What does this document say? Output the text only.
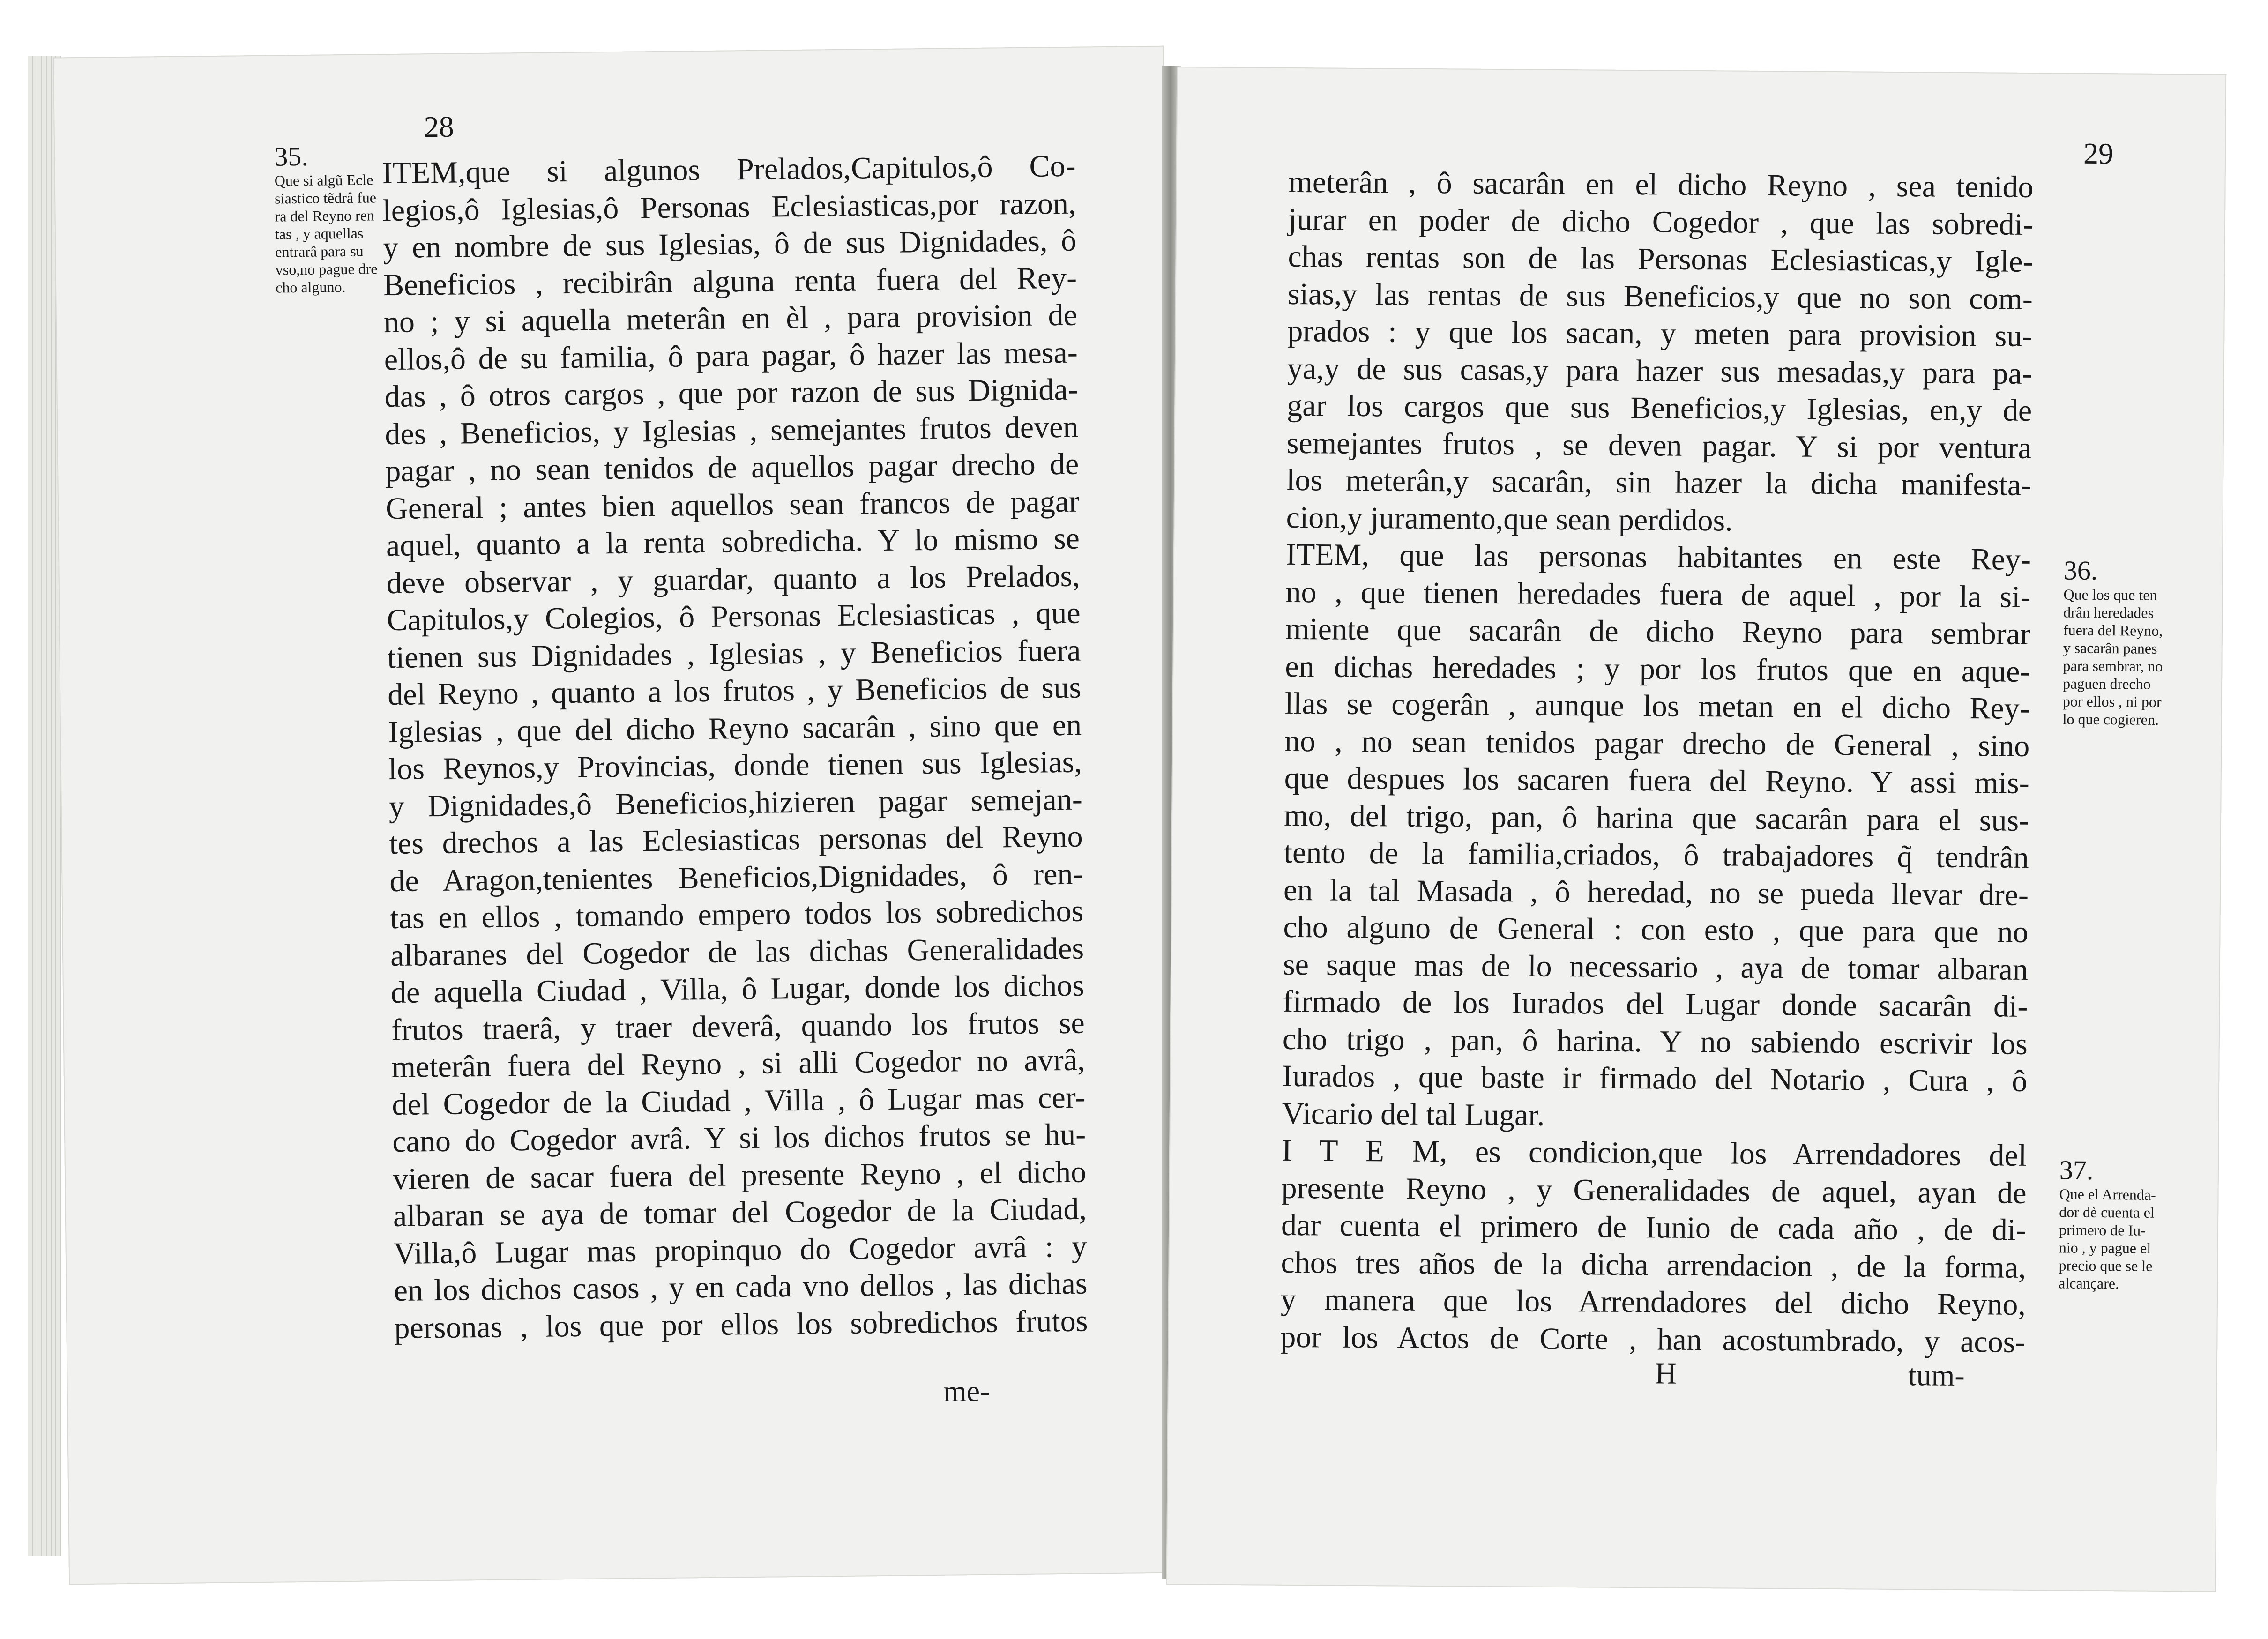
28
35.
Que si algũ Ecle
siastico tẽdrâ fue
ra del Reyno ren
tas , y aquellas
entrarâ para su
vso,no pague dre
cho alguno.
ITEM,que si algunos Prelados,Capitulos,ô Co-
legios,ô Iglesias,ô Personas Eclesiasticas,por razon,
y en nombre de sus Iglesias, ô de sus Dignidades, ô
Beneficios , recibirân alguna renta fuera del Rey-
no ; y si aquella meterân en èl , para provision de
ellos,ô de su familia, ô para pagar, ô hazer las mesa-
das , ô otros cargos , que por razon de sus Dignida-
des , Beneficios, y Iglesias , semejantes frutos deven
pagar , no sean tenidos de aquellos pagar drecho de
General ; antes bien aquellos sean francos de pagar
aquel, quanto a la renta sobredicha. Y lo mismo se
deve observar , y guardar, quanto a los Prelados,
Capitulos,y Colegios, ô Personas Eclesiasticas , que
tienen sus Dignidades , Iglesias , y Beneficios fuera
del Reyno , quanto a los frutos , y Beneficios de sus
Iglesias , que del dicho Reyno sacarân , sino que en
los Reynos,y Provincias, donde tienen sus Iglesias,
y Dignidades,ô Beneficios,hizieren pagar semejan-
tes drechos a las Eclesiasticas personas del Reyno
de Aragon,tenientes Beneficios,Dignidades, ô ren-
tas en ellos , tomando empero todos los sobredichos
albaranes del Cogedor de las dichas Generalidades
de aquella Ciudad , Villa, ô Lugar, donde los dichos
frutos traerâ, y traer deverâ, quando los frutos se
meterân fuera del Reyno , si alli Cogedor no avrâ,
del Cogedor de la Ciudad , Villa , ô Lugar mas cer-
cano do Cogedor avrâ. Y si los dichos frutos se hu-
vieren de sacar fuera del presente Reyno , el dicho
albaran se aya de tomar del Cogedor de la Ciudad,
Villa,ô Lugar mas propinquo do Cogedor avrâ : y
en los dichos casos , y en cada vno dellos , las dichas
personas , los que por ellos los sobredichos frutos
me-
29
meterân , ô sacarân en el dicho Reyno , sea tenido
jurar en poder de dicho Cogedor , que las sobredi-
chas rentas son de las Personas Eclesiasticas,y Igle-
sias,y las rentas de sus Beneficios,y que no son com-
prados : y que los sacan, y meten para provision su-
ya,y de sus casas,y para hazer sus mesadas,y para pa-
gar los cargos que sus Beneficios,y Iglesias, en,y de
semejantes frutos , se deven pagar. Y si por ventura
los meterân,y sacarân, sin hazer la dicha manifesta-
cion,y juramento,que sean perdidos.
ITEM, que las personas habitantes en este Rey-
no , que tienen heredades fuera de aquel , por la si-
miente que sacarân de dicho Reyno para sembrar
en dichas heredades ; y por los frutos que en aque-
llas se cogerân , aunque los metan en el dicho Rey-
no , no sean tenidos pagar drecho de General , sino
que despues los sacaren fuera del Reyno. Y assi mis-
mo, del trigo, pan, ô harina que sacarân para el sus-
tento de la familia,criados, ô trabajadores q̃ tendrân
en la tal Masada , ô heredad, no se pueda llevar dre-
cho alguno de General : con esto , que para que no
se saque mas de lo necessario , aya de tomar albaran
firmado de los Iurados del Lugar donde sacarân di-
cho trigo , pan, ô harina. Y no sabiendo escrivir los
Iurados , que baste ir firmado del Notario , Cura , ô
Vicario del tal Lugar.
I T E M, es condicion,que los Arrendadores del
presente Reyno , y Generalidades de aquel, ayan de
dar cuenta el primero de Iunio de cada año , de di-
chos tres años de la dicha arrendacion , de la forma,
y manera que los Arrendadores del dicho Reyno,
por los Actos de Corte , han acostumbrado, y acos-
H	tum-
36.
Que los que ten
drân heredades
fuera del Reyno,
y sacarân panes
para sembrar, no
paguen drecho
por ellos , ni por
lo que cogieren.
37.
Que el Arrenda-
dor dè cuenta el
primero de Iu-
nio , y pague el
precio que se le
alcançare.
